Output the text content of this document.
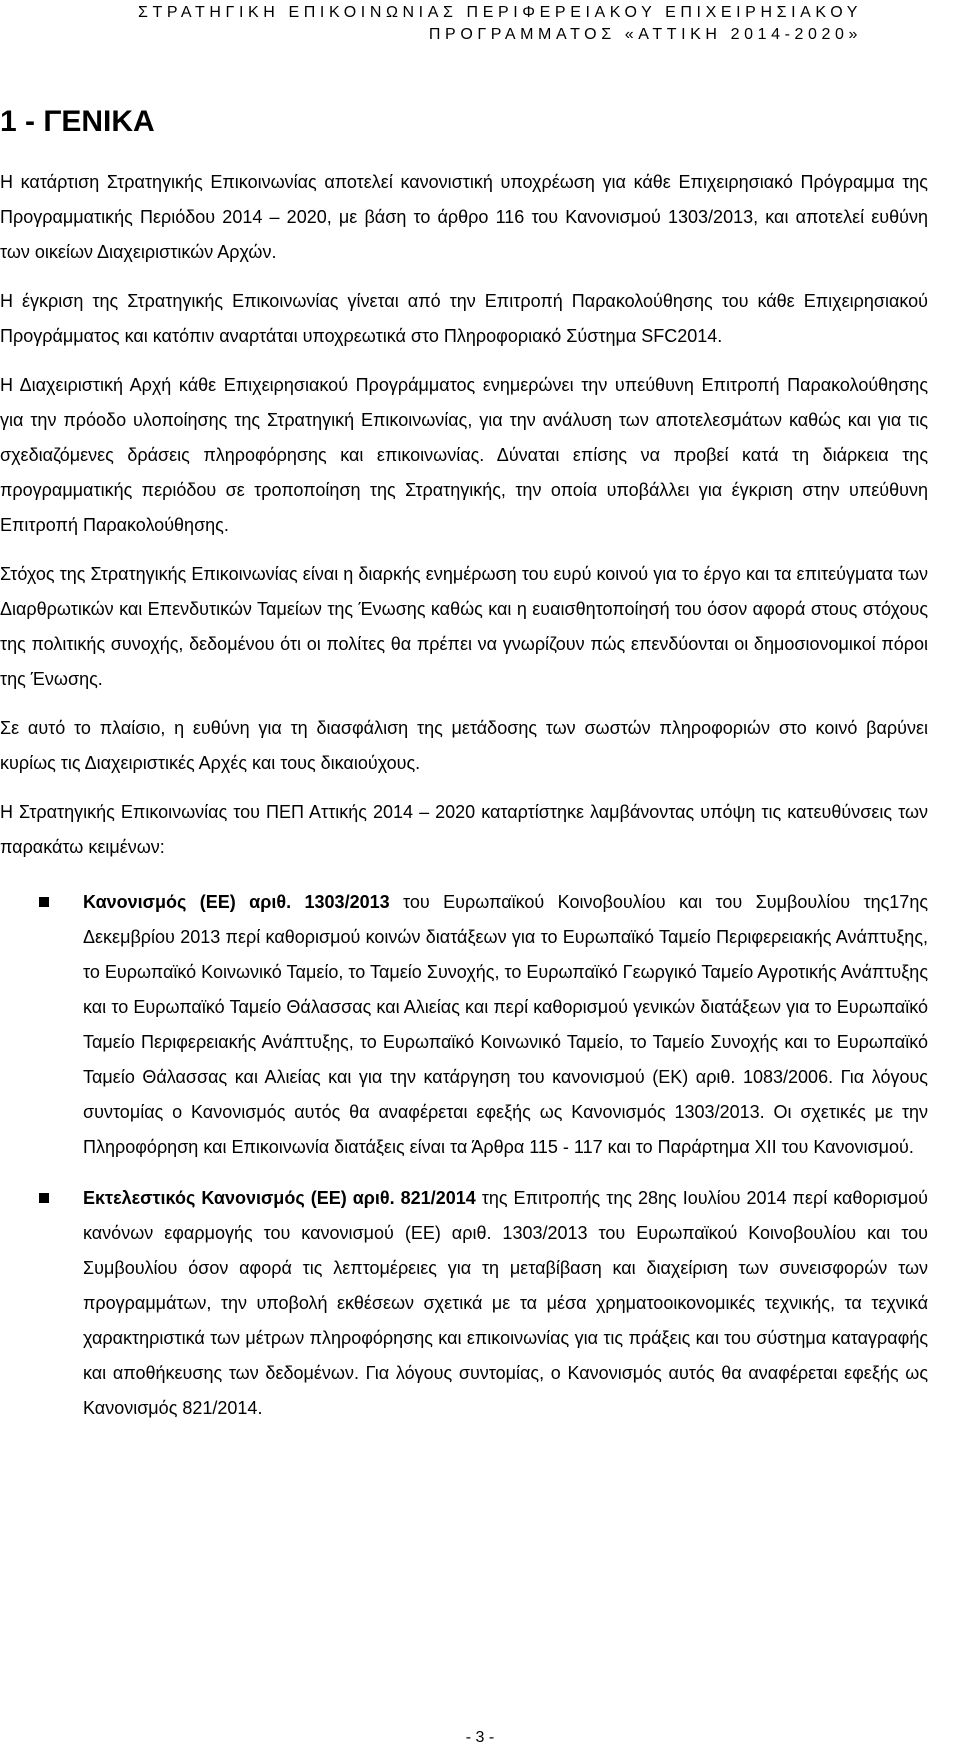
ΣΤΡΑΤΗΓΙΚΗ ΕΠΙΚΟΙΝΩΝΙΑΣ ΠΕΡΙΦΕΡΕΙΑΚΟΥ ΕΠΙΧΕΙΡΗΣΙΑΚΟΥ
ΠΡΟΓΡΑΜΜΑΤΟΣ «ΑΤΤΙΚΗ 2014-2020»
1 - ΓΕΝΙΚΑ

Η κατάρτιση Στρατηγικής Επικοινωνίας αποτελεί κανονιστική υποχρέωση για κάθε Επιχειρησιακό Πρόγραμμα της Προγραμματικής Περιόδου 2014 – 2020, με βάση το άρθρο 116 του Κανονισμού 1303/2013, και αποτελεί ευθύνη των οικείων Διαχειριστικών Αρχών.

Η έγκριση της Στρατηγικής Επικοινωνίας γίνεται από την Επιτροπή Παρακολούθησης του κάθε Επιχειρησιακού Προγράμματος και κατόπιν αναρτάται υποχρεωτικά στο Πληροφοριακό Σύστημα SFC2014.

Η Διαχειριστική Αρχή κάθε Επιχειρησιακού Προγράμματος ενημερώνει την υπεύθυνη Επιτροπή Παρακολούθησης για την πρόοδο υλοποίησης της Στρατηγική Επικοινωνίας, για την ανάλυση των αποτελεσμάτων καθώς και για τις σχεδιαζόμενες δράσεις πληροφόρησης και επικοινωνίας. Δύναται επίσης να προβεί κατά τη διάρκεια της προγραμματικής περιόδου σε τροποποίηση της Στρατηγικής, την οποία υποβάλλει για έγκριση στην υπεύθυνη Επιτροπή Παρακολούθησης.

Στόχος της Στρατηγικής Επικοινωνίας είναι η διαρκής ενημέρωση του ευρύ κοινού για το έργο και τα επιτεύγματα των Διαρθρωτικών και Επενδυτικών Ταμείων της Ένωσης καθώς και η ευαισθητοποίησή του όσον αφορά στους στόχους της πολιτικής συνοχής, δεδομένου ότι οι πολίτες θα πρέπει να γνωρίζουν πώς επενδύονται οι δημοσιονομικοί πόροι της Ένωσης.

Σε αυτό το πλαίσιο, η ευθύνη για τη διασφάλιση της μετάδοσης των σωστών πληροφοριών στο κοινό βαρύνει κυρίως τις Διαχειριστικές Αρχές και τους δικαιούχους.

Η Στρατηγικής Επικοινωνίας του ΠΕΠ Αττικής 2014 – 2020 καταρτίστηκε λαμβάνοντας υπόψη τις κατευθύνσεις των παρακάτω κειμένων:

Κανονισμός (ΕΕ) αριθ. 1303/2013 του Ευρωπαϊκού Κοινοβουλίου και του Συμβουλίου της17ης Δεκεμβρίου 2013 περί καθορισμού κοινών διατάξεων για το Ευρωπαϊκό Ταμείο Περιφερειακής Ανάπτυξης, το Ευρωπαϊκό Κοινωνικό Ταμείο, το Ταμείο Συνοχής, το Ευρωπαϊκό Γεωργικό Ταμείο Αγροτικής Ανάπτυξης και το Ευρωπαϊκό Ταμείο Θάλασσας και Αλιείας και περί καθορισμού γενικών διατάξεων για το Ευρωπαϊκό Ταμείο Περιφερειακής Ανάπτυξης, το Ευρωπαϊκό Κοινωνικό Ταμείο, το Ταμείο Συνοχής και το Ευρωπαϊκό Ταμείο Θάλασσας και Αλιείας και για την κατάργηση του κανονισμού (ΕΚ) αριθ. 1083/2006. Για λόγους συντομίας ο Κανονισμός αυτός θα αναφέρεται εφεξής ως Κανονισμός 1303/2013. Οι σχετικές με την Πληροφόρηση και Επικοινωνία διατάξεις είναι τα Άρθρα 115 - 117 και το Παράρτημα XII του Κανονισμού.
Εκτελεστικός Κανονισμός (ΕΕ) αριθ. 821/2014 της Επιτροπής της 28ης Ιουλίου 2014 περί καθορισμού κανόνων εφαρμογής του κανονισμού (ΕΕ) αριθ. 1303/2013 του Ευρωπαϊκού Κοινοβουλίου και του Συμβουλίου όσον αφορά τις λεπτομέρειες για τη μεταβίβαση και διαχείριση των συνεισφορών των προγραμμάτων, την υποβολή εκθέσεων σχετικά με τα μέσα χρηματοοικονομικές τεχνικής, τα τεχνικά χαρακτηριστικά των μέτρων πληροφόρησης και επικοινωνίας για τις πράξεις και του σύστημα καταγραφής και αποθήκευσης των δεδομένων. Για λόγους συντομίας, ο Κανονισμός αυτός θα αναφέρεται εφεξής ως Κανονισμός 821/2014.
- 3 -
